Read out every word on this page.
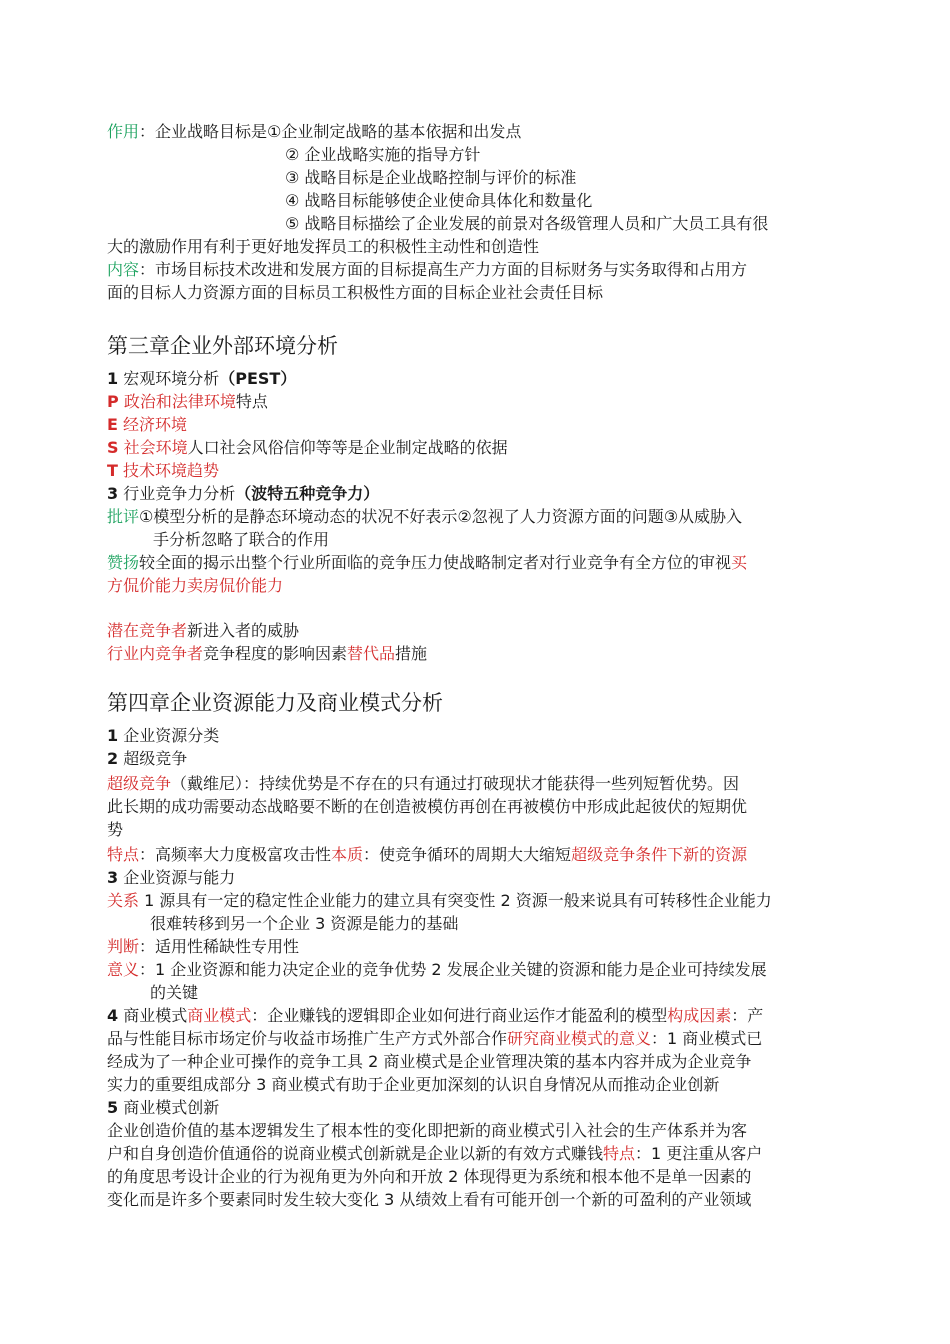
作用：企业战略目标是①企业制定战略的基本依据和出发点
② 企业战略实施的指导方针
③ 战略目标是企业战略控制与评价的标准
④ 战略目标能够使企业使命具体化和数量化
⑤ 战略目标描绘了企业发展的前景对各级管理人员和广大员工具有很
大的激励作用有利于更好地发挥员工的积极性主动性和创造性
内容：市场目标技术改进和发展方面的目标提高生产力方面的目标财务与实务取得和占用方
面的目标人力资源方面的目标员工积极性方面的目标企业社会责任目标
第三章企业外部环境分析
1 宏观环境分析（PEST）
P 政治和法律环境特点
E 经济环境
S 社会环境人口社会风俗信仰等等是企业制定战略的依据
T 技术环境趋势
3 行业竞争力分析（波特五种竞争力）
批评①模型分析的是静态环境动态的状况不好表示②忽视了人力资源方面的问题③从威胁入
手分析忽略了联合的作用
赞扬较全面的揭示出整个行业所面临的竞争压力使战略制定者对行业竞争有全方位的审视买
方侃价能力卖房侃价能力
潜在竞争者新进入者的威胁
行业内竞争者竞争程度的影响因素替代品措施
第四章企业资源能力及商业模式分析
1 企业资源分类
2 超级竞争
超级竞争（戴维尼）：持续优势是不存在的只有通过打破现状才能获得一些列短暂优势。因
此长期的成功需要动态战略要不断的在创造被模仿再创在再被模仿中形成此起彼伏的短期优
势
特点：高频率大力度极富攻击性本质：使竞争循环的周期大大缩短超级竞争条件下新的资源
3 企业资源与能力
关系 1 源具有一定的稳定性企业能力的建立具有突变性 2 资源一般来说具有可转移性企业能力
很难转移到另一个企业 3 资源是能力的基础
判断：适用性稀缺性专用性
意义：1 企业资源和能力决定企业的竞争优势 2 发展企业关键的资源和能力是企业可持续发展
的关键
4 商业模式商业模式：企业赚钱的逻辑即企业如何进行商业运作才能盈利的模型构成因素：产
品与性能目标市场定价与收益市场推广生产方式外部合作研究商业模式的意义：1 商业模式已
经成为了一种企业可操作的竞争工具 2 商业模式是企业管理决策的基本内容并成为企业竞争
实力的重要组成部分 3 商业模式有助于企业更加深刻的认识自身情况从而推动企业创新
5 商业模式创新
企业创造价值的基本逻辑发生了根本性的变化即把新的商业模式引入社会的生产体系并为客
户和自身创造价值通俗的说商业模式创新就是企业以新的有效方式赚钱特点：1 更注重从客户
的角度思考设计企业的行为视角更为外向和开放 2 体现得更为系统和根本他不是单一因素的
变化而是许多个要素同时发生较大变化 3 从绩效上看有可能开创一个新的可盈利的产业领域
